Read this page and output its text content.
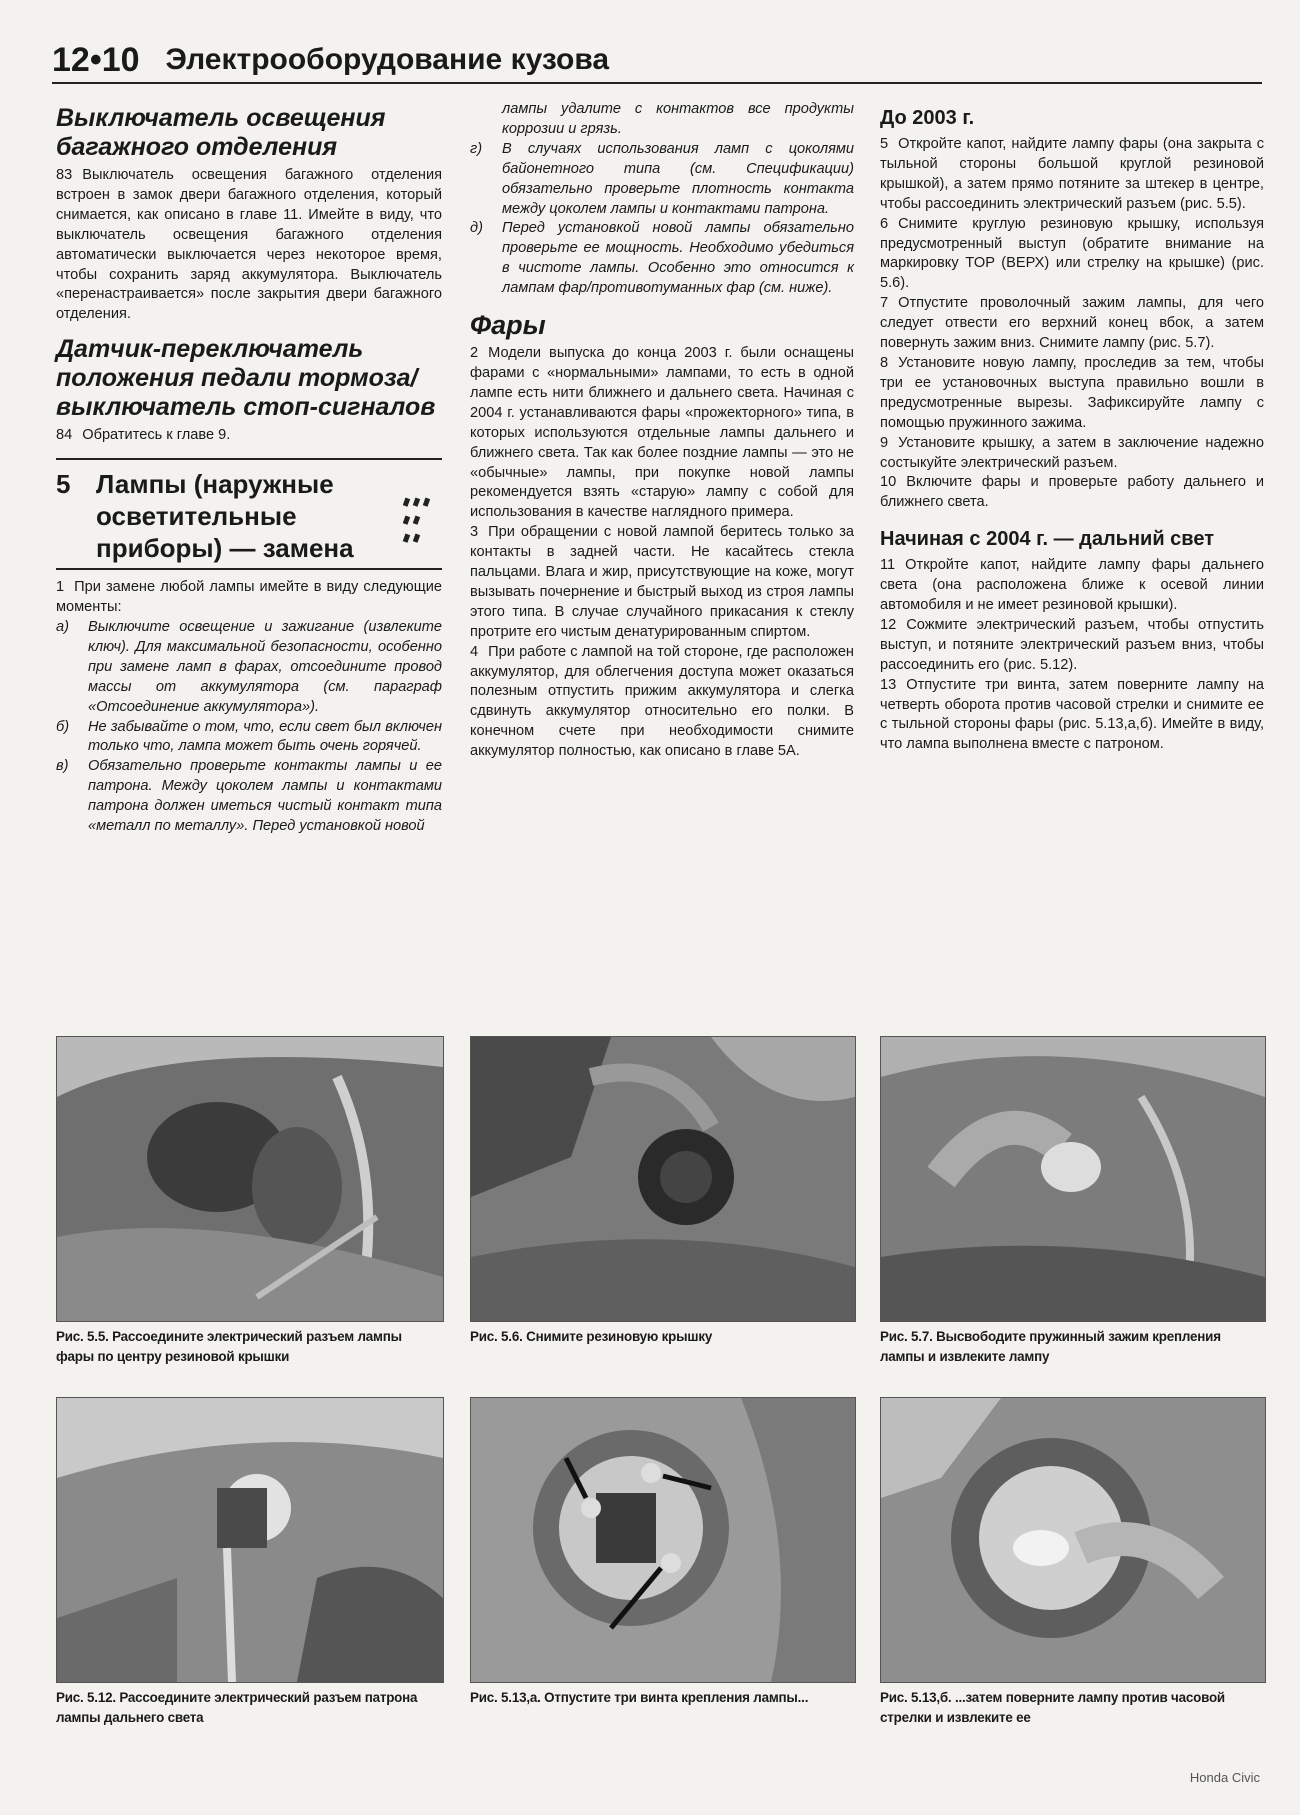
12•10 Электрооборудование кузова
Выключатель освещения багажного отделения

83 Выключатель освещения багажного отделения встроен в замок двери багажного отделения, который снимается, как описано в главе 11. Имейте в виду, что выключатель освещения багажного отделения автоматически выключается через некоторое время, чтобы сохранить заряд аккумулятора. Выключатель «перенастраивается» после закрытия двери багажного отделения.

Датчик-переключатель положения педали тормоза/выключатель стоп-сигналов

84 Обратитесь к главе 9.

5 Лампы (наружные осветительные приборы) — замена

1 При замене любой лампы имейте в виду следующие моменты:

а)	Выключите освещение и зажигание (извлеките ключ). Для максимальной безопасности, особенно при замене ламп в фарах, отсоедините провод массы от аккумулятора (см. параграф «Отсоединение аккумулятора»).
б)	Не забывайте о том, что, если свет был включен только что, лампа может быть очень горячей.
в)	Обязательно проверьте контакты лампы и ее патрона. Между цоколем лампы и контактами патрона должен иметься чистый контакт типа «металл по металлу». Перед установкой новой
лампы удалите с контактов все продукты коррозии и грязь.
г)	В случаях использования ламп с цоколями байонетного типа (см. Спецификации) обязательно проверьте плотность контакта между цоколем лампы и контактами патрона.
д)	Перед установкой новой лампы обязательно проверьте ее мощность. Необходимо убедиться в чистоте лампы. Особенно это относится к лампам фар/противотуманных фар (см. ниже).
Фары

2 Модели выпуска до конца 2003 г. были оснащены фарами с «нормальными» лампами, то есть в одной лампе есть нити ближнего и дальнего света. Начиная с 2004 г. устанавливаются фары «прожекторного» типа, в которых используются отдельные лампы дальнего и ближнего света. Так как более поздние лампы — это не «обычные» лампы, при покупке новой лампы рекомендуется взять «старую» лампу с собой для использования в качестве наглядного примера.

3 При обращении с новой лампой беритесь только за контакты в задней части. Не касайтесь стекла пальцами. Влага и жир, присутствующие на коже, могут вызывать почернение и быстрый выход из строя лампы этого типа. В случае случайного прикасания к стеклу протрите его чистым денатурированным спиртом.

4 При работе с лампой на той стороне, где расположен аккумулятор, для облегчения доступа может оказаться полезным отпустить прижим аккумулятора и слегка сдвинуть аккумулятор относительно его полки. В конечном счете при необходимости снимите аккумулятор полностью, как описано в главе 5А.

До 2003 г.

5 Откройте капот, найдите лампу фары (она закрыта с тыльной стороны большой круглой резиновой крышкой), а затем прямо потяните за штекер в центре, чтобы рассоединить электрический разъем (рис. 5.5).

6 Снимите круглую резиновую крышку, используя предусмотренный выступ (обратите внимание на маркировку TOP (ВЕРХ) или стрелку на крышке) (рис. 5.6).

7 Отпустите проволочный зажим лампы, для чего следует отвести его верхний конец вбок, а затем повернуть зажим вниз. Снимите лампу (рис. 5.7).

8 Установите новую лампу, проследив за тем, чтобы три ее установочных выступа правильно вошли в предусмотренные вырезы. Зафиксируйте лампу с помощью пружинного зажима.

9 Установите крышку, а затем в заключение надежно состыкуйте электрический разъем.

10 Включите фары и проверьте работу дальнего и ближнего света.

Начиная с 2004 г. — дальний свет

11 Откройте капот, найдите лампу фары дальнего света (она расположена ближе к осевой линии автомобиля и не имеет резиновой крышки).

12 Сожмите электрический разъем, чтобы отпустить выступ, и потяните электрический разъем вниз, чтобы рассоединить его (рис. 5.12).

13 Отпустите три винта, затем поверните лампу на четверть оборота против часовой стрелки и снимите ее с тыльной стороны фары (рис. 5.13,а,б). Имейте в виду, что лампа выполнена вместе с патроном.

Рис. 5.5. Рассоедините электрический разъем лампы фары по центру резиновой крышки
Рис. 5.6. Снимите резиновую крышку	Рис. 5.7. Высвободите пружинный зажим крепления лампы и извлеките лампу
Рис. 5.12. Рассоедините электрический разъем патрона лампы дальнего света
Рис. 5.13,а. Отпустите три винта крепления лампы...	Рис. 5.13,б. ...затем поверните лампу против часовой стрелки и извлеките ее
Honda Civic
